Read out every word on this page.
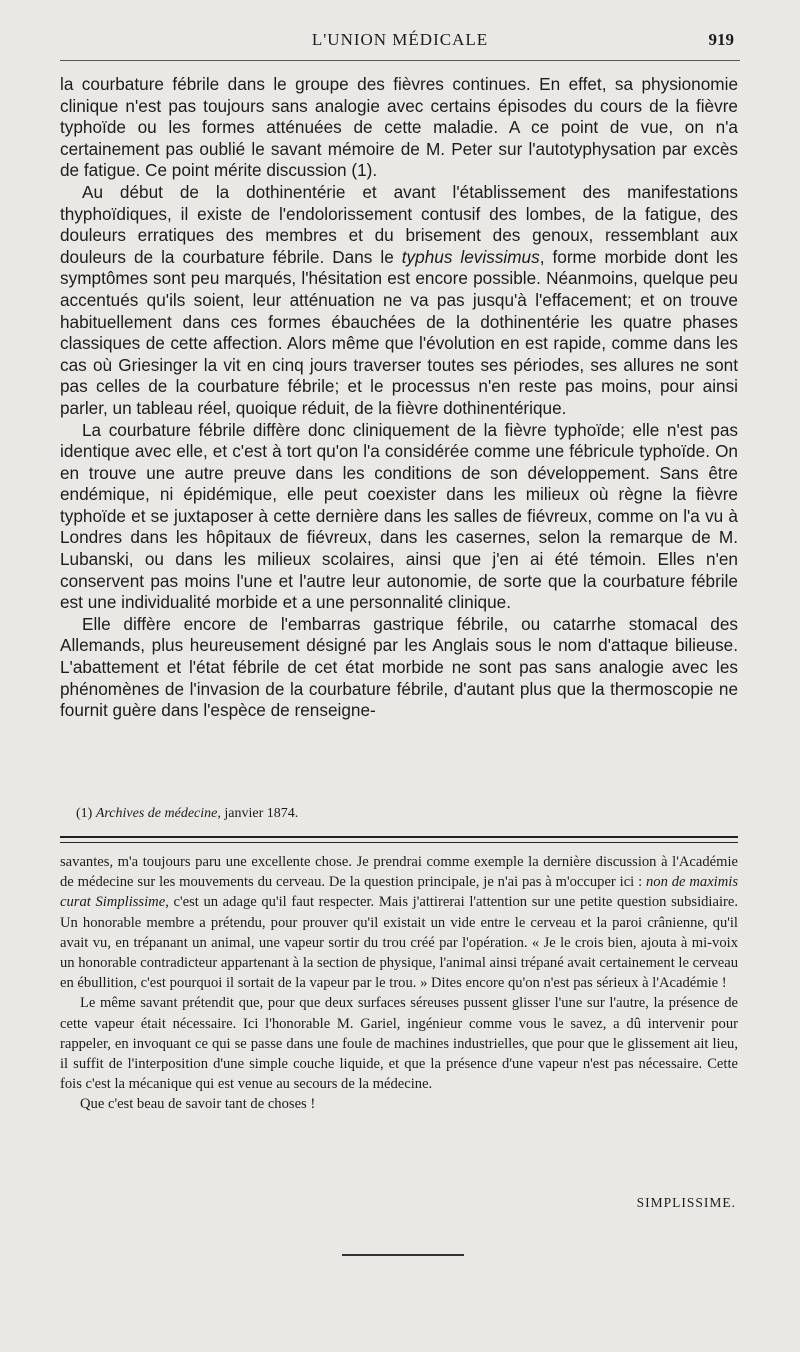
L'UNION MÉDICALE	919

la courbature fébrile dans le groupe des fièvres continues. En effet, sa physionomie clinique n'est pas toujours sans analogie avec certains épisodes du cours de la fièvre typhoïde ou les formes atténuées de cette maladie. A ce point de vue, on n'a certainement pas oublié le savant mémoire de M. Peter sur l'autotyphysation par excès de fatigue. Ce point mérite discussion (1).

Au début de la dothinentérie et avant l'établissement des manifestations thyphoïdiques, il existe de l'endolorissement contusif des lombes, de la fatigue, des douleurs erratiques des membres et du brisement des genoux, ressemblant aux douleurs de la courbature fébrile. Dans le typhus levissimus, forme morbide dont les symptômes sont peu marqués, l'hésitation est encore possible. Néanmoins, quelque peu accentués qu'ils soient, leur atténuation ne va pas jusqu'à l'effacement; et on trouve habituellement dans ces formes ébauchées de la dothinentérie les quatre phases classiques de cette affection. Alors même que l'évolution en est rapide, comme dans les cas où Griesinger la vit en cinq jours traverser toutes ses périodes, ses allures ne sont pas celles de la courbature fébrile; et le processus n'en reste pas moins, pour ainsi parler, un tableau réel, quoique réduit, de la fièvre dothinentérique.

La courbature fébrile diffère donc cliniquement de la fièvre typhoïde; elle n'est pas identique avec elle, et c'est à tort qu'on l'a considérée comme une fébricule typhoïde. On en trouve une autre preuve dans les conditions de son développement. Sans être endémique, ni épidémique, elle peut coexister dans les milieux où règne la fièvre typhoïde et se juxtaposer à cette dernière dans les salles de fiévreux, comme on l'a vu à Londres dans les hôpitaux de fiévreux, dans les casernes, selon la remarque de M. Lubanski, ou dans les milieux scolaires, ainsi que j'en ai été témoin. Elles n'en conservent pas moins l'une et l'autre leur autonomie, de sorte que la courbature fébrile est une individualité morbide et a une personnalité clinique.

Elle diffère encore de l'embarras gastrique fébrile, ou catarrhe stomacal des Allemands, plus heureusement désigné par les Anglais sous le nom d'attaque bilieuse. L'abattement et l'état fébrile de cet état morbide ne sont pas sans analogie avec les phénomènes de l'invasion de la courbature fébrile, d'autant plus que la thermoscopie ne fournit guère dans l'espèce de renseigne-

(1) Archives de médecine, janvier 1874.

savantes, m'a toujours paru une excellente chose. Je prendrai comme exemple la dernière discussion à l'Académie de médecine sur les mouvements du cerveau. De la question principale, je n'ai pas à m'occuper ici : non de maximis curat Simplissime, c'est un adage qu'il faut respecter. Mais j'attirerai l'attention sur une petite question subsidiaire. Un honorable membre a prétendu, pour prouver qu'il existait un vide entre le cerveau et la paroi crânienne, qu'il avait vu, en trépanant un animal, une vapeur sortir du trou créé par l'opération. « Je le crois bien, ajouta à mi-voix un honorable contradicteur appartenant à la section de physique, l'animal ainsi trépané avait certainement le cerveau en ébullition, c'est pourquoi il sortait de la vapeur par le trou. » Dites encore qu'on n'est pas sérieux à l'Académie !

Le même savant prétendit que, pour que deux surfaces séreuses pussent glisser l'une sur l'autre, la présence de cette vapeur était nécessaire. Ici l'honorable M. Gariel, ingénieur comme vous le savez, a dû intervenir pour rappeler, en invoquant ce qui se passe dans une foule de machines industrielles, que pour que le glissement ait lieu, il suffit de l'interposition d'une simple couche liquide, et que la présence d'une vapeur n'est pas nécessaire. Cette fois c'est la mécanique qui est venue au secours de la médecine.

Que c'est beau de savoir tant de choses !

SIMPLISSIME.
